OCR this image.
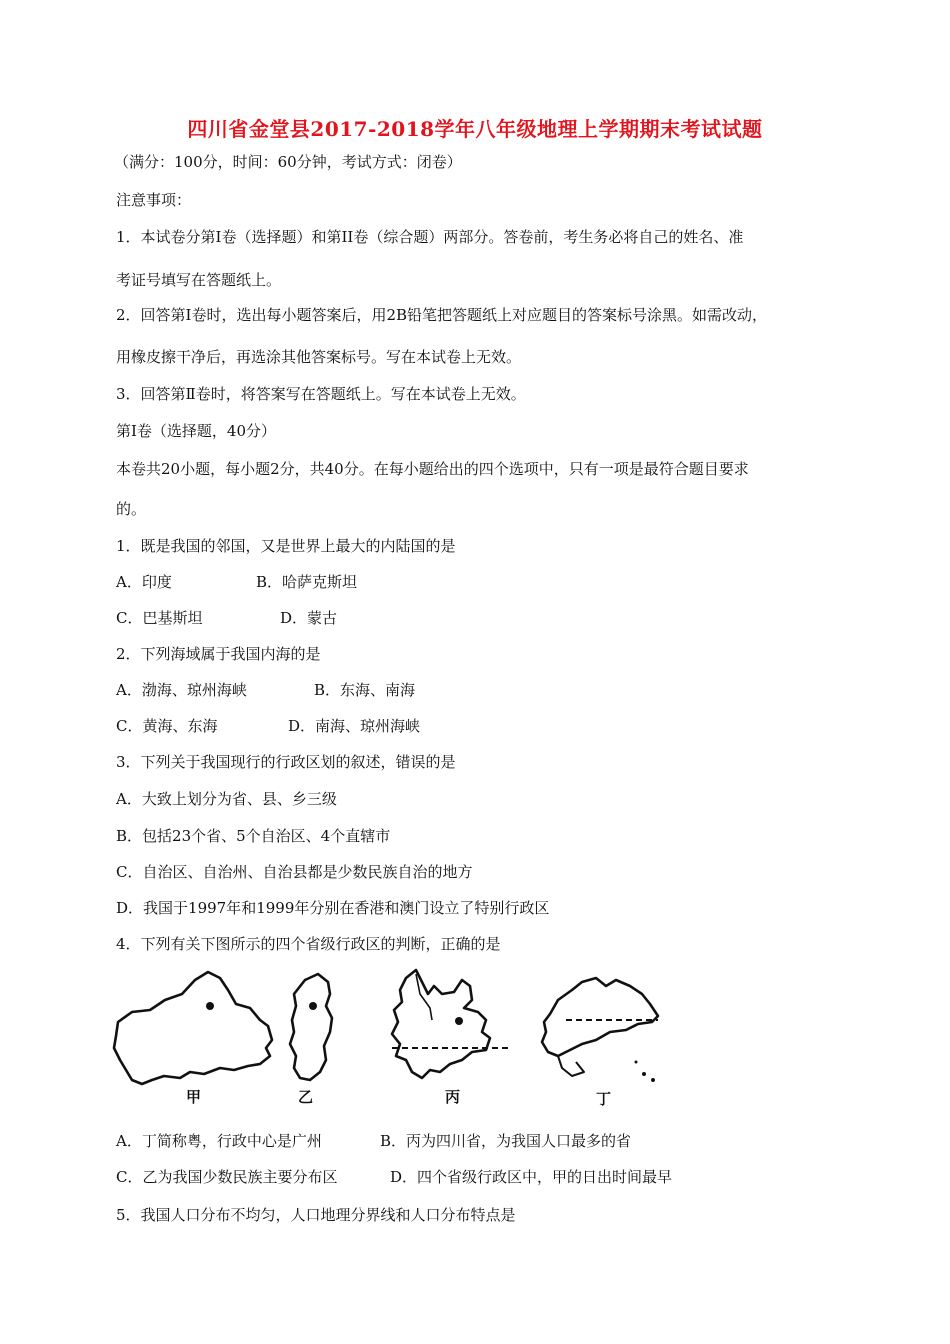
四川省金堂县2017-2018学年八年级地理上学期期末考试试题
（满分：100分，时间：60分钟，考试方式：闭卷）
注意事项：
1．本试卷分第Ⅰ卷（选择题）和第II卷（综合题）两部分。答卷前，考生务必将自己的姓名、准
考证号填写在答题纸上。
2．回答第Ⅰ卷时，选出每小题答案后，用2B铅笔把答题纸上对应题目的答案标号涂黑。如需改动，
用橡皮擦干净后，再选涂其他答案标号。写在本试卷上无效。
3．回答第Ⅱ卷时，将答案写在答题纸上。写在本试卷上无效。
第Ⅰ卷（选择题，40分）
本卷共20小题，每小题2分，共40分。在每小题给出的四个选项中，只有一项是最符合题目要求
的。
1．既是我国的邻国，又是世界上最大的内陆国的是
A．印度	B．哈萨克斯坦
C．巴基斯坦	D．蒙古
2．下列海域属于我国内海的是
A．渤海、琼州海峡	B．东海、南海
C．黄海、东海	D．南海、琼州海峡
3．下列关于我国现行的行政区划的叙述，错误的是
A．大致上划分为省、县、乡三级
B．包括23个省、5个自治区、4个直辖市
C．自治区、自治州、自治县都是少数民族自治的地方
D．我国于1997年和1999年分别在香港和澳门设立了特别行政区
4．下列有关下图所示的四个省级行政区的判断，正确的是
甲	乙	丙	丁
A．丁简称粤，行政中心是广州	B．丙为四川省，为我国人口最多的省
C．乙为我国少数民族主要分布区	D．四个省级行政区中，甲的日出时间最早
5．我国人口分布不均匀，人口地理分界线和人口分布特点是
